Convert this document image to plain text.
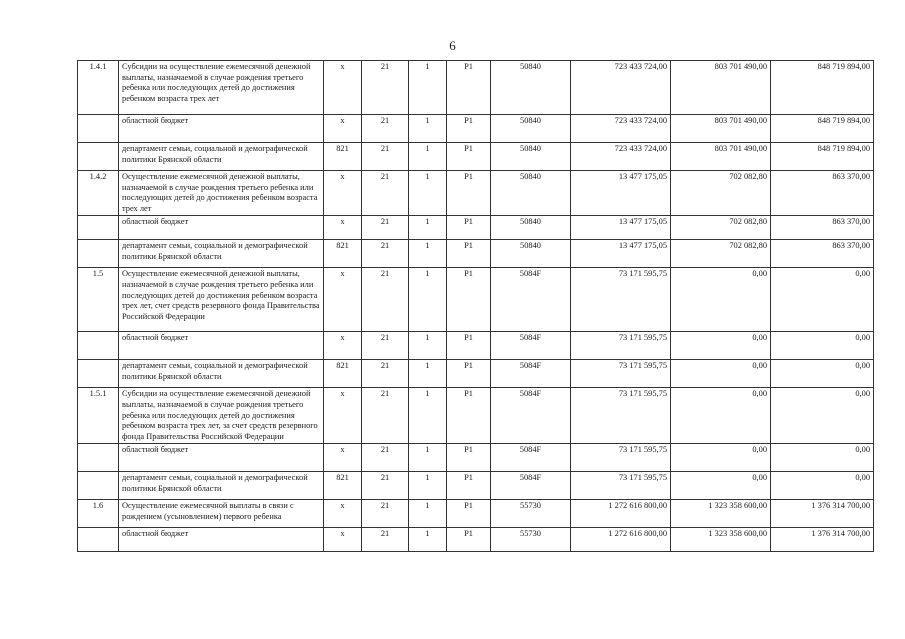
6
1.4.1	Субсидии на осуществление ежемесячной денежной выплаты, назначаемой в случае рождения третьего ребенка или последующих детей до достижения ребенком возраста трех лет	х	21	1	P1	50840	723 433 724,00	803 701 490,00	848 719 894,00
	областной бюджет	х	21	1	P1	50840	723 433 724,00	803 701 490,00	848 719 894,00
	департамент семьи, социальной и демографической политики Брянской области	821	21	1	P1	50840	723 433 724,00	803 701 490,00	848 719 894,00
1.4.2	Осуществление ежемесячной денежной выплаты, назначаемой в случае рождения третьего ребенка или последующих детей до достижения ребенком возраста трех лет	х	21	1	P1	50840	13 477 175,05	702 082,80	863 370,00
	областной бюджет	х	21	1	P1	50840	13 477 175,05	702 082,80	863 370,00
	департамент семьи, социальной и демографической политики Брянской области	821	21	1	P1	50840	13 477 175,05	702 082,80	863 370,00
1.5	Осуществление ежемесячной денежной выплаты, назначаемой в случае рождения третьего ребенка или последующих детей до достижения ребенком возраста трех лет, счет средств резервного фонда Правительства Российской Федерации	х	21	1	P1	5084F	73 171 595,75	0,00	0,00
	областной бюджет	х	21	1	P1	5084F	73 171 595,75	0,00	0,00
	департамент семьи, социальной и демографической политики Брянской области	821	21	1	P1	5084F	73 171 595,75	0,00	0,00
1.5.1	Субсидии на осуществление ежемесячной денежной выплаты, назначаемой в случае рождения третьего ребенка или последующих детей до достижения ребенком возраста трех лет, за счет средств резервного фонда Правительства Российской Федерации	х	21	1	P1	5084F	73 171 595,75	0,00	0,00
	областной бюджет	х	21	1	P1	5084F	73 171 595,75	0,00	0,00
	департамент семьи, социальной и демографической политики Брянской области	821	21	1	P1	5084F	73 171 595,75	0,00	0,00
1.6	Осуществление ежемесячной выплаты в связи с рождением (усыновлением) первого ребенка	х	21	1	P1	55730	1 272 616 800,00	1 323 358 600,00	1 376 314 700,00
	областной бюджет	х	21	1	P1	55730	1 272 616 800,00	1 323 358 600,00	1 376 314 700,00
